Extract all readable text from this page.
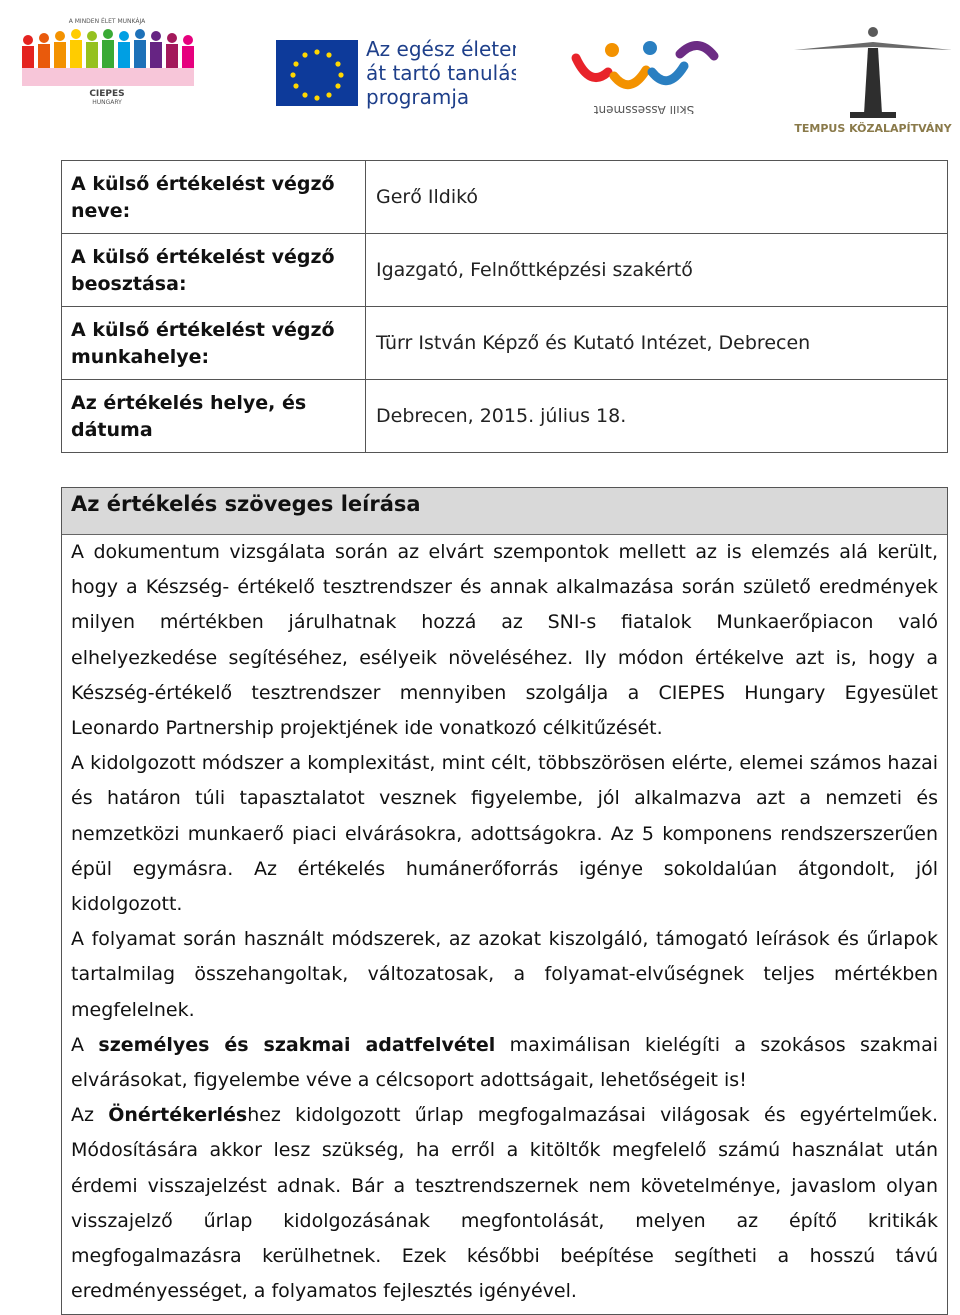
A MINDEN ÉLET MUNKÁJA
CIEPES
HUNGARY
Az egész életen
át tartó tanulás
programja
Skill Assessment
TEMPUS KÖZALAPÍTVÁNY
A külső értékelést végző neve:	Gerő Ildikó
A külső értékelést végző beosztása:	Igazgató, Felnőttképzési szakértő
A külső értékelést végző munkahelye:	Türr István Képző és Kutató Intézet, Debrecen
Az értékelés helye, és dátuma	Debrecen, 2015. július 18.
Az értékelés szöveges leírása

A dokumentum vizsgálata során az elvárt szempontok mellett az is elemzés alá került, hogy a Készség- értékelő tesztrendszer és annak alkalmazása során születő eredmények milyen mértékben járulhatnak hozzá az SNI-s fiatalok Munkaerőpiacon való elhelyezkedése segítéséhez, esélyeik növeléséhez. Ily módon értékelve azt is, hogy a Készség-értékelő tesztrendszer mennyiben szolgálja a CIEPES Hungary Egyesület Leonardo Partnership projektjének ide vonatkozó célkitűzését.

A kidolgozott módszer a komplexitást, mint célt, többszörösen elérte, elemei számos hazai és határon túli tapasztalatot vesznek figyelembe, jól alkalmazva azt a nemzeti és nemzetközi munkaerő piaci elvárásokra, adottságokra. Az 5 komponens rendszerszerűen épül egymásra. Az értékelés humánerőforrás igénye sokoldalúan átgondolt, jól kidolgozott.

A folyamat során használt módszerek, az azokat kiszolgáló, támogató leírások és űrlapok tartalmilag összehangoltak, változatosak, a folyamat-elvűségnek teljes mértékben megfelelnek.

A személyes és szakmai adatfelvétel maximálisan kielégíti a szokásos szakmai elvárásokat, figyelembe véve a célcsoport adottságait, lehetőségeit is!

Az Önértékerléshez kidolgozott űrlap megfogalmazásai világosak és egyértelműek. Módosítására akkor lesz szükség, ha erről a kitöltők megfelelő számú használat után érdemi visszajelzést adnak. Bár a tesztrendszernek nem követelménye, javaslom olyan visszajelző űrlap kidolgozásának megfontolását, melyen az építő kritikák megfogalmazásra kerülhetnek. Ezek későbbi beépítése segítheti a hosszú távú eredményességet, a folyamatos fejlesztés igényével.
